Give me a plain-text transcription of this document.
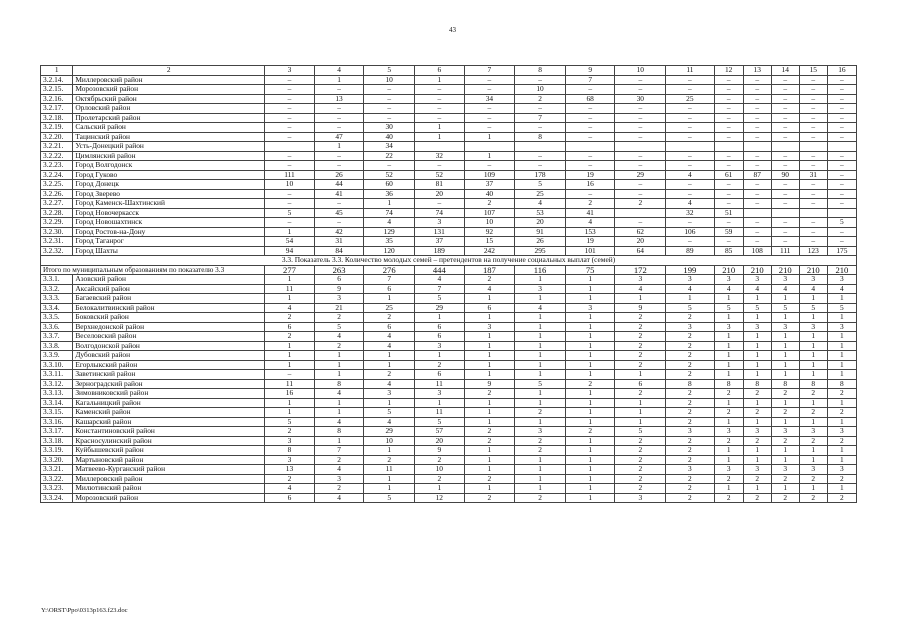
43
1	2	3	4	5	6	7	8	9	10	11	12	13	14	15	16
3.2.14.	Миллеровский район	–	1	10	1	–	–	7	–	–	–	–	–	–	–
3.2.15.	Морозовский район	–	–	–	–	–	10	–	–	–	–	–	–	–	–
3.2.16.	Октябрьский район	–	13	–	–	34	2	68	30	25	–	–	–	–	–
3.2.17.	Орловский район	–	–	–	–	–	–	–	–	–	–	–	–	–	–
3.2.18.	Пролетарский район	–	–	–	–	–	7	–	–	–	–	–	–	–	–
3.2.19.	Сальский район	–	–	30	1	–	–	–	–	–	–	–	–	–	–
3.2.20.	Тацинский район	–	47	40	1	1	8	–	–	–	–	–	–	–	–
3.2.21.	Усть-Донецкий район		1	34											
3.2.22.	Цимлянский район	–	–	22	32	1	–	–	–	–	–	–	–	–	–
3.2.23.	Город Волгодонск	–	–	–	–	–	–	–	–	–	–	–	–	–	–
3.2.24.	Город Гуково	111	26	52	52	109	178	19	29	4	61	87	90	31	–
3.2.25.	Город Донецк	10	44	60	81	37	5	16	–	–	–	–	–	–	–
3.2.26.	Город Зверево	–	41	36	20	40	25	–	–	–	–	–	–	–	–
3.2.27.	Город Каменск-Шахтинский	–	–	1	–	2	4	2	2	4	–	–	–	–	–
3.2.28.	Город Новочеркасск	5	45	74	74	107	53	41		32	51				
3.2.29.	Город Новошахтинск	–	–	4	3	10	20	4	–	–	–	–	–	–	5
3.2.30.	Город Ростов-на-Дону	1	42	129	131	92	91	153	62	106	59	–	–	–	–
3.2.31.	Город Таганрог	54	31	35	37	15	26	19	20	–	–	–	–	–	–
3.2.32.	Город Шахты	94	84	120	189	242	295	101	64	89	85	108	111	123	175
3.3. Показатель 3.3. Количество молодых семей – претендентов на получение социальных выплат (семей)															
Итого по муниципальным образованиям по показателю 3.3		277	263	276	444	187	116	75	172	199	210	210	210	210	210
3.3.1.	Азовский район	1	6	7	4	2	1	1	3	3	3	3	3	3	3
3.3.2.	Аксайский район	11	9	6	7	4	3	1	4	4	4	4	4	4	4
3.3.3.	Багаевский район	1	3	1	5	1	1	1	1	1	1	1	1	1	1
3.3.4.	Белокалитвинский район	4	21	25	29	6	4	3	9	5	5	5	5	5	5
3.3.5.	Боковский район	2	2	2	1	1	1	1	2	2	1	1	1	1	1
3.3.6.	Верхнедонской район	6	5	6	6	3	1	1	2	3	3	3	3	3	3
3.3.7.	Веселовский район	2	4	4	6	1	1	1	2	2	1	1	1	1	1
3.3.8.	Волгодонской район	1	2	4	3	1	1	1	2	2	1	1	1	1	1
3.3.9.	Дубовский район	1	1	1	1	1	1	1	2	2	1	1	1	1	1
3.3.10.	Егорлыкский район	1	1	1	2	1	1	1	2	2	1	1	1	1	1
3.3.11.	Заветинский район	–	1	2	6	1	1	1	1	2	1	1	1	1	1
3.3.12.	Зерноградский район	11	8	4	11	9	5	2	6	8	8	8	8	8	8
3.3.13.	Зимовниковский район	16	4	3	3	2	1	1	2	2	2	2	2	2	2
3.3.14.	Кагальницкий район	1	1	1	1	1	1	1	1	2	1	1	1	1	1
3.3.15.	Каменский район	1	1	5	11	1	2	1	1	2	2	2	2	2	2
3.3.16.	Кашарский район	5	4	4	5	1	1	1	1	2	1	1	1	1	1
3.3.17.	Константиновский район	2	8	29	57	2	3	2	5	3	3	3	3	3	3
3.3.18.	Красносулинский район	3	1	10	20	2	2	1	2	2	2	2	2	2	2
3.3.19.	Куйбышевский район	8	7	1	9	1	2	1	2	2	1	1	1	1	1
3.3.20.	Мартыновский район	3	2	2	2	1	1	1	2	2	1	1	1	1	1
3.3.21.	Матвеево-Курганский район	13	4	11	10	1	1	1	2	3	3	3	3	3	3
3.3.22.	Миллеровский район	2	3	1	2	2	1	1	2	2	2	2	2	2	2
3.3.23.	Милютинский район	4	2	1	1	1	1	1	2	2	1	1	1	1	1
3.3.24.	Морозовский район	6	4	5	12	2	2	1	3	2	2	2	2	2	2
Y:\ORST\Ppo\0313p163.f23.doc
